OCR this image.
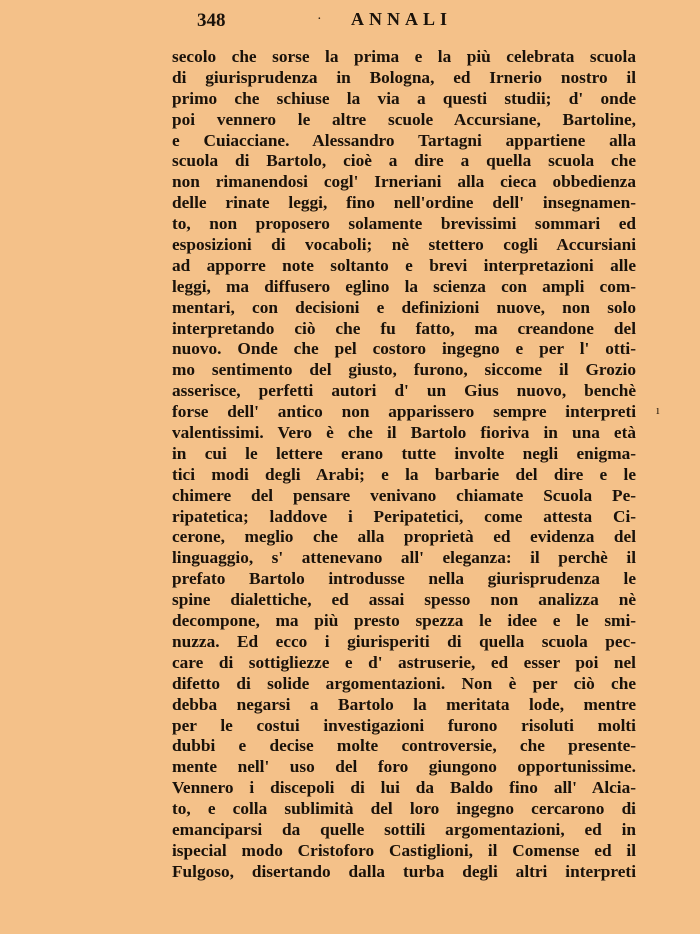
348	· ANNALI
secolo che sorse la prima e la più celebrata scuola
di giurisprudenza in Bologna, ed Irnerio nostro il
primo che schiuse la via a questi studii; d' onde
poi vennero le altre scuole Accursiane, Bartoline,
e Cuiacciane. Alessandro Tartagni appartiene alla
scuola di Bartolo, cioè a dire a quella scuola che
non rimanendosi cogl' Irneriani alla cieca obbedienza
delle rinate leggi, fino nell'ordine dell' insegnamen-
to, non proposero solamente brevissimi sommari ed
esposizioni di vocaboli; nè stettero cogli Accursiani
ad apporre note soltanto e brevi interpretazioni alle
leggi, ma diffusero eglino la scienza con ampli com-
mentari, con decisioni e definizioni nuove, non solo
interpretando ciò che fu fatto, ma creandone del
nuovo. Onde che pel costoro ingegno e per l' otti-
mo sentimento del giusto, furono, siccome il Grozio
asserisce, perfetti autori d' un Gius nuovo, benchè
forse dell' antico non apparissero sempre interpreti
valentissimi. Vero è che il Bartolo fioriva in una età
in cui le lettere erano tutte involte negli enigma-
tici modi degli Arabi; e la barbarie del dire e le
chimere del pensare venivano chiamate Scuola Pe-
ripatetica; laddove i Peripatetici, come attesta Ci-
cerone, meglio che alla proprietà ed evidenza del
linguaggio, s' attenevano all' eleganza: il perchè il
prefato Bartolo introdusse nella giurisprudenza le
spine dialettiche, ed assai spesso non analizza nè
decompone, ma più presto spezza le idee e le smi-
nuzza. Ed ecco i giurisperiti di quella scuola pec-
care di sottigliezze e d' astruserie, ed esser poi nel
difetto di solide argomentazioni. Non è per ciò che
debba negarsi a Bartolo la meritata lode, mentre
per le costui investigazioni furono risoluti molti
dubbi e decise molte controversie, che presente-
mente nell' uso del foro giungono opportunissime.
Vennero i discepoli di lui da Baldo fino all' Alcia-
to, e colla sublimità del loro ingegno cercarono di
emanciparsi da quelle sottili argomentazioni, ed in
ispecial modo Cristoforo Castiglioni, il Comense ed il
Fulgoso, disertando dalla turba degli altri interpreti
ı
